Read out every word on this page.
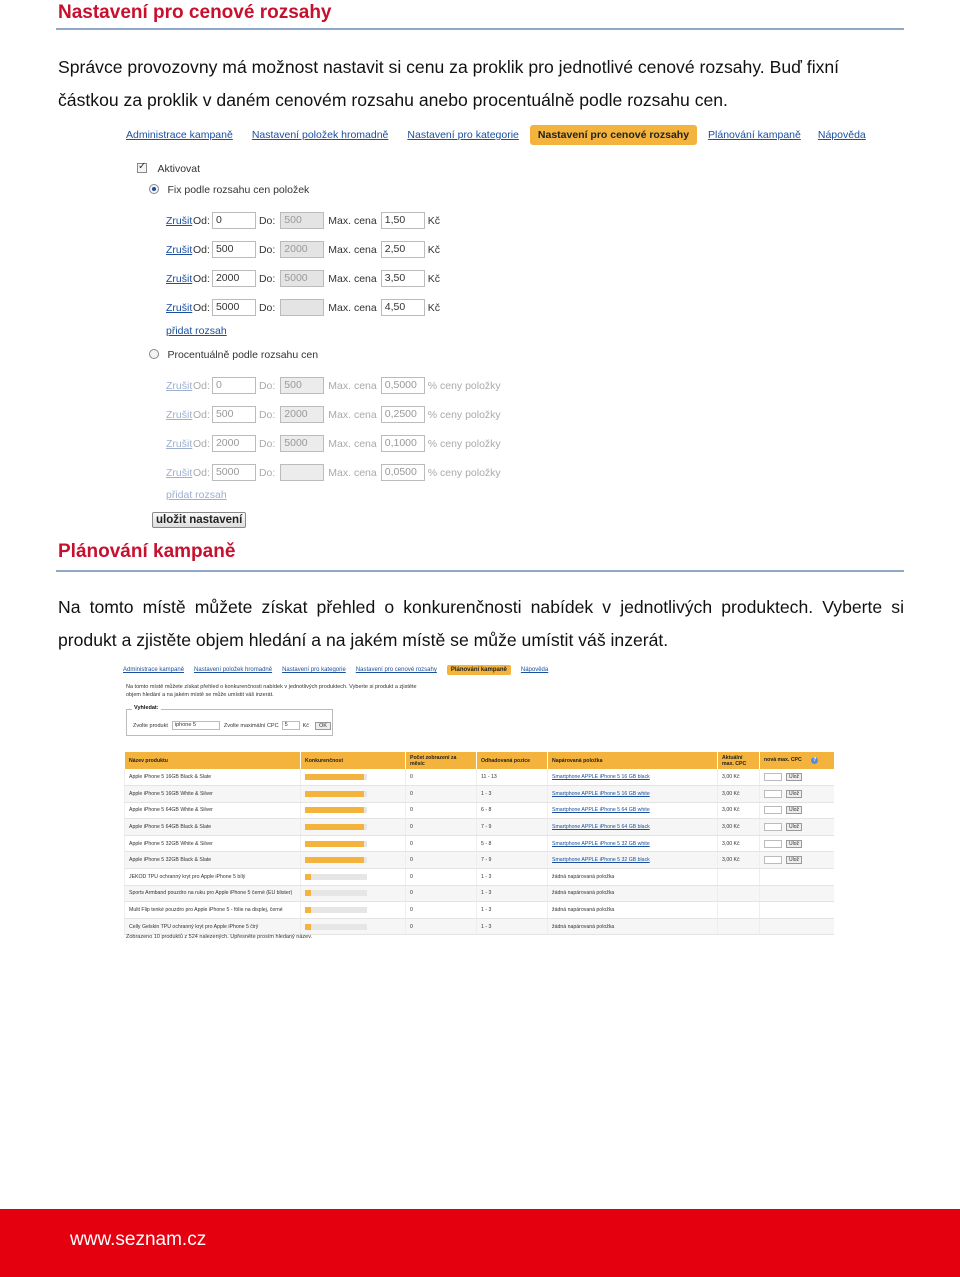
Nastavení pro cenové rozsahy
Správce provozovny má možnost nastavit si cenu za proklik pro jednotlivé cenové rozsahy. Buď fixní částkou za proklik v daném cenovém rozsahu anebo procentuálně podle rozsahu cen.
Administrace kampaně Nastavení položek hromadně Nastavení pro kategorie	Nastavení pro cenové rozsahy	Plánování kampaně Nápověda
✓ Aktivovat
Fix podle rozsahu cen položek
Zrušit Od: 0	Do: 500	Max. cena 1,50	Kč
Zrušit Od: 500	Do: 2000	Max. cena 2,50	Kč
Zrušit Od: 2000	Do: 5000	Max. cena 3,50	Kč
Zrušit Od: 5000	Do:	Max. cena 4,50	Kč
přidat rozsah
Procentuálně podle rozsahu cen
Zrušit Od: 0	Do: 500	Max. cena 0,5000	% ceny položky
Zrušit Od: 500	Do: 2000	Max. cena 0,2500	% ceny položky
Zrušit Od: 2000	Do: 5000	Max. cena 0,1000	% ceny položky
Zrušit Od: 5000	Do:	Max. cena 0,0500	% ceny položky
přidat rozsah
uložit nastavení
Plánování kampaně
Na tomto místě můžete získat přehled o konkurenčnosti nabídek v jednotlivých produktech. Vyberte si produkt a zjistěte objem hledání a na jakém místě se může umístit váš inzerát.
Administrace kampaně Nastavení položek hromadně Nastavení pro kategorie Nastavení pro cenové rozsahy	Plánování kampaně	Nápověda
Na tomto místě můžete získat přehled o konkurenčnosti nabídek v jednotlivých produktech. Vyberte si produkt a zjistěte objem hledání a na jakém místě se může umístit váš inzerát.
Vyhledat:
Zvolte produkt	iphone 5	Zvolte maximální CPC	5	Kč	OK
Název produktu	Konkurenčnost	Počet zobrazení za měsíc	Odhadovaná pozice	Napárovaná položka	Aktuální max. CPC	nová max. CPC ?
Apple iPhone 5 16GB Black & Slate		0	11 - 13	Smartphone APPLE iPhone 5 16 GB black	3,00 Kč	Ulož
Apple iPhone 5 16GB White & Silver		0	1 - 3	Smartphone APPLE iPhone 5 16 GB white	3,00 Kč	Ulož
Apple iPhone 5 64GB White & Silver		0	6 - 8	Smartphone APPLE iPhone 5 64 GB white	3,00 Kč	Ulož
Apple iPhone 5 64GB Black & Slate		0	7 - 9	Smartphone APPLE iPhone 5 64 GB black	3,00 Kč	Ulož
Apple iPhone 5 32GB White & Silver		0	5 - 8	Smartphone APPLE iPhone 5 32 GB white	3,00 Kč	Ulož
Apple iPhone 5 32GB Black & Slate		0	7 - 9	Smartphone APPLE iPhone 5 32 GB black	3,00 Kč	Ulož
JEKOD TPU ochranný kryt pro Apple iPhone 5 bílý		0	1 - 3	žádná napárovaná položka		
Sports Armband pouzdro na ruku pro Apple iPhone 5 černé (EU blister)		0	1 - 3	žádná napárovaná položka		
Mulit Flip tenké pouzdro pro Apple iPhone 5 - fólie na displej, černé		0	1 - 3	žádná napárovaná položka		
Celly Gelskin TPU ochranný kryt pro Apple iPhone 5 čirý		0	1 - 3	žádná napárovaná položka		
Zobrazeno 10 produktů z 524 nalezených. Upřesněte prosím hledaný název.
www.seznam.cz
